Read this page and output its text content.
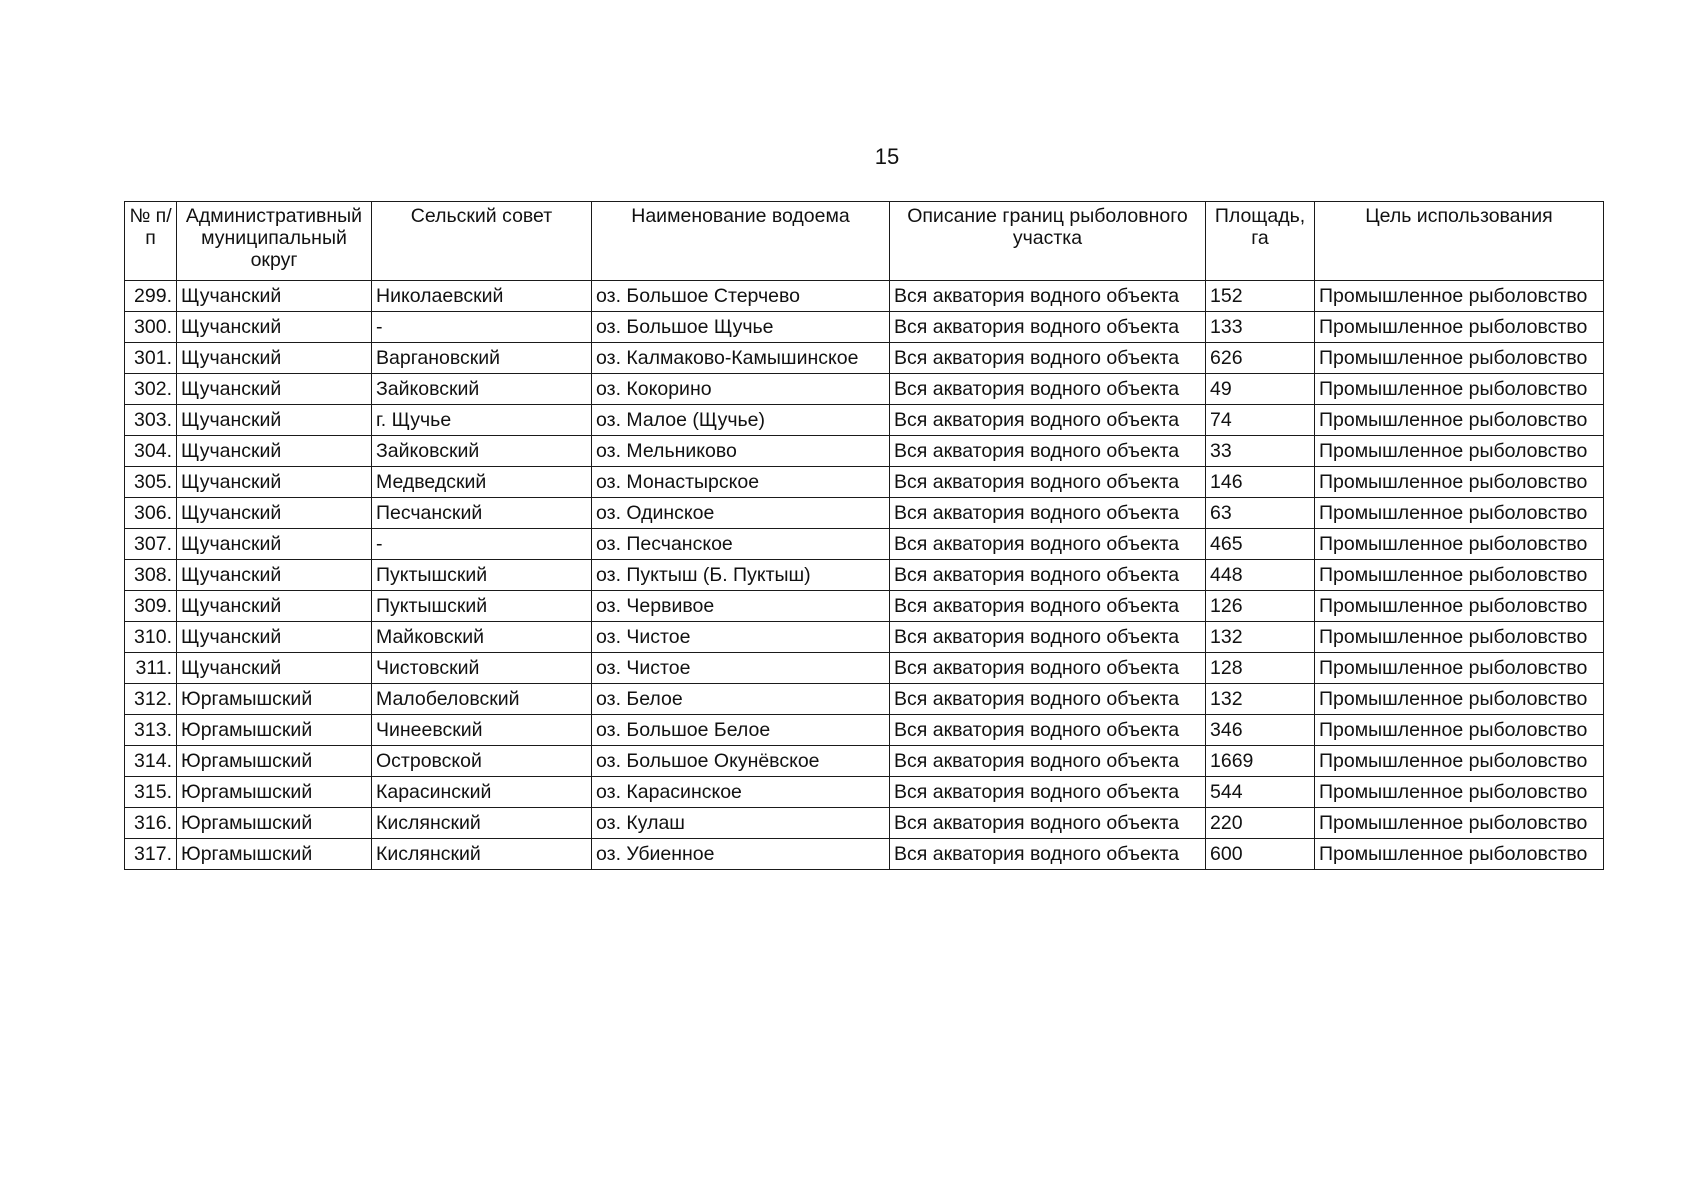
15
№ п/п	Административный муниципальный округ	Сельский совет	Наименование водоема	Описание границ рыболовного участка	Площадь, га	Цель использования
299.	Щучанский	Николаевский	оз. Большое Стерчево	Вся акватория водного объекта	152	Промышленное рыболовство
300.	Щучанский	-	оз. Большое Щучье	Вся акватория водного объекта	133	Промышленное рыболовство
301.	Щучанский	Варгановский	оз. Калмаково-Камышинское	Вся акватория водного объекта	626	Промышленное рыболовство
302.	Щучанский	Зайковский	оз. Кокорино	Вся акватория водного объекта	49	Промышленное рыболовство
303.	Щучанский	г. Щучье	оз. Малое (Щучье)	Вся акватория водного объекта	74	Промышленное рыболовство
304.	Щучанский	Зайковский	оз. Мельниково	Вся акватория водного объекта	33	Промышленное рыболовство
305.	Щучанский	Медведский	оз. Монастырское	Вся акватория водного объекта	146	Промышленное рыболовство
306.	Щучанский	Песчанский	оз. Одинское	Вся акватория водного объекта	63	Промышленное рыболовство
307.	Щучанский	-	оз. Песчанское	Вся акватория водного объекта	465	Промышленное рыболовство
308.	Щучанский	Пуктышский	оз. Пуктыш (Б. Пуктыш)	Вся акватория водного объекта	448	Промышленное рыболовство
309.	Щучанский	Пуктышский	оз. Червивое	Вся акватория водного объекта	126	Промышленное рыболовство
310.	Щучанский	Майковский	оз. Чистое	Вся акватория водного объекта	132	Промышленное рыболовство
311.	Щучанский	Чистовский	оз. Чистое	Вся акватория водного объекта	128	Промышленное рыболовство
312.	Юргамышский	Малобеловский	оз. Белое	Вся акватория водного объекта	132	Промышленное рыболовство
313.	Юргамышский	Чинеевский	оз. Большое Белое	Вся акватория водного объекта	346	Промышленное рыболовство
314.	Юргамышский	Островской	оз. Большое Окунёвское	Вся акватория водного объекта	1669	Промышленное рыболовство
315.	Юргамышский	Карасинский	оз. Карасинское	Вся акватория водного объекта	544	Промышленное рыболовство
316.	Юргамышский	Кислянский	оз. Кулаш	Вся акватория водного объекта	220	Промышленное рыболовство
317.	Юргамышский	Кислянский	оз. Убиенное	Вся акватория водного объекта	600	Промышленное рыболовство
